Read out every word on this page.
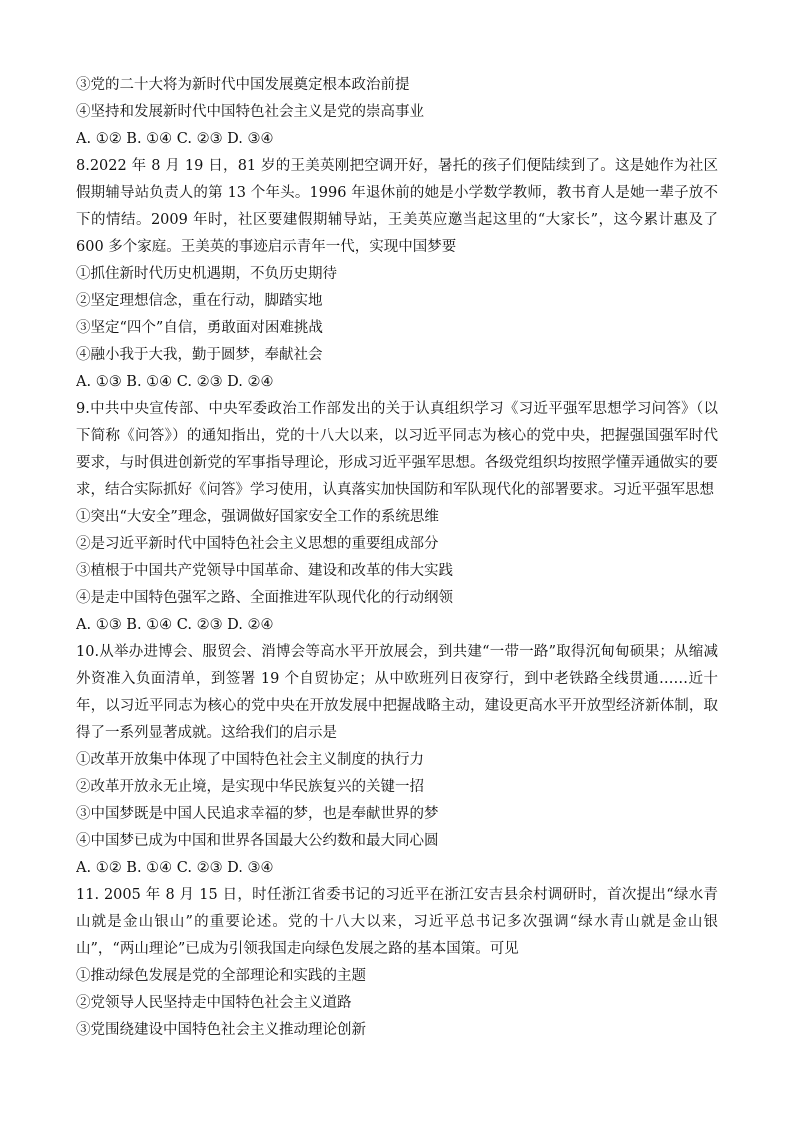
③党的二十大将为新时代中国发展奠定根本政治前提
④坚持和发展新时代中国特色社会主义是党的崇高事业
A. ①② B. ①④ C. ②③ D. ③④
8.2022 年 8 月 19 日，81 岁的王美英刚把空调开好，暑托的孩子们便陆续到了。这是她作为社区假期辅导站负责人的第 13 个年头。1996 年退休前的她是小学数学教师，教书育人是她一辈子放不下的情结。2009 年时，社区要建假期辅导站，王美英应邀当起这里的“大家长”，这今累计惠及了 600 多个家庭。王美英的事迹启示青年一代，实现中国梦要
①抓住新时代历史机遇期，不负历史期待
②坚定理想信念，重在行动，脚踏实地
③坚定“四个”自信，勇敢面对困难挑战
④融小我于大我，勤于圆梦，奉献社会
A. ①③ B. ①④ C. ②③ D. ②④
9.中共中央宣传部、中央军委政治工作部发出的关于认真组织学习《习近平强军思想学习问答》（以下简称《问答》）的通知指出，党的十八大以来，以习近平同志为核心的党中央，把握强国强军时代要求，与时俱进创新党的军事指导理论，形成习近平强军思想。各级党组织均按照学懂弄通做实的要求，结合实际抓好《问答》学习使用，认真落实加快国防和军队现代化的部署要求。习近平强军思想
①突出“大安全”理念，强调做好国家安全工作的系统思维
②是习近平新时代中国特色社会主义思想的重要组成部分
③植根于中国共产党领导中国革命、建设和改革的伟大实践
④是走中国特色强军之路、全面推进军队现代化的行动纲领
A. ①③ B. ①④ C. ②③ D. ②④
10.从举办进博会、服贸会、消博会等高水平开放展会，到共建“一带一路”取得沉甸甸硕果；从缩减外资准入负面清单，到签署 19 个自贸协定；从中欧班列日夜穿行，到中老铁路全线贯通……近十年，以习近平同志为核心的党中央在开放发展中把握战略主动，建设更高水平开放型经济新体制，取得了一系列显著成就。这给我们的启示是
①改革开放集中体现了中国特色社会主义制度的执行力
②改革开放永无止境，是实现中华民族复兴的关键一招
③中国梦既是中国人民追求幸福的梦，也是奉献世界的梦
④中国梦已成为中国和世界各国最大公约数和最大同心圆
A. ①② B. ①④ C. ②③ D. ③④
11. 2005 年 8 月 15 日，时任浙江省委书记的习近平在浙江安吉县余村调研时，首次提出“绿水青山就是金山银山”的重要论述。党的十八大以来，习近平总书记多次强调“绿水青山就是金山银山”，“两山理论”已成为引领我国走向绿色发展之路的基本国策。可见
①推动绿色发展是党的全部理论和实践的主题
②党领导人民坚持走中国特色社会主义道路
③党围绕建设中国特色社会主义推动理论创新
